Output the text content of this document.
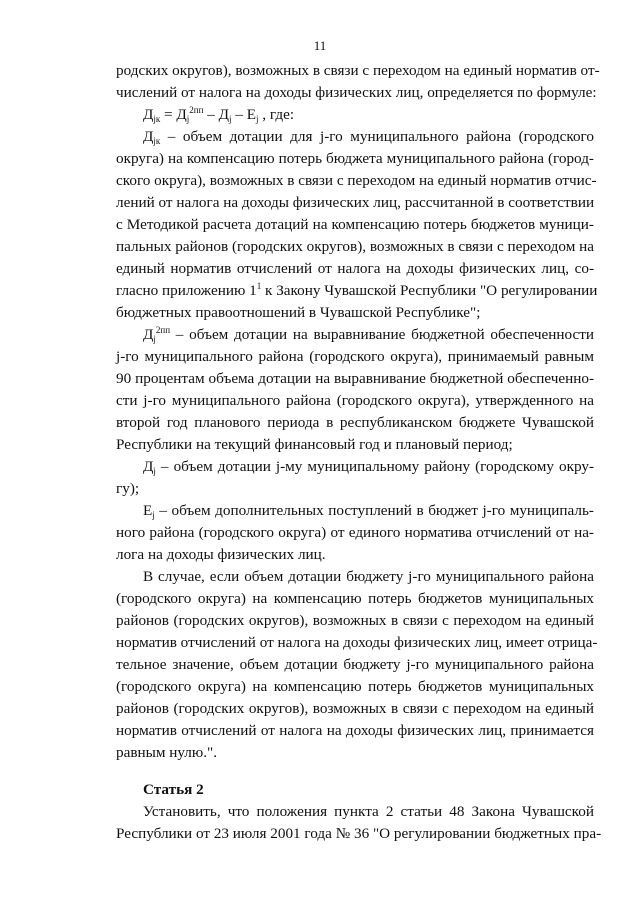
11
родских округов), возможных в связи с переходом на единый норматив от-
числений от налога на доходы физических лиц, определяется по формуле:
$Д_{jк} = Д_j^{2пп} - Д_j - Е_j$ , где:
$Д_{jк}$ – объем дотации для j-го муниципального района (городского
округа) на компенсацию потерь бюджета муниципального района (город-
ского округа), возможных в связи с переходом на единый норматив отчис-
лений от налога на доходы физических лиц, рассчитанной в соответствии
с Методикой расчета дотаций на компенсацию потерь бюджетов муници-
пальных районов (городских округов), возможных в связи с переходом на
единый норматив отчислений от налога на доходы физических лиц, со-
гласно приложению $1^1$ к Закону Чувашской Республики "О регулировании
бюджетных правоотношений в Чувашской Республике";
$Д_j^{2пп}$ – объем дотации на выравнивание бюджетной обеспеченности
j-го муниципального района (городского округа), принимаемый равным
90 процентам объема дотации на выравнивание бюджетной обеспеченно-
сти j-го муниципального района (городского округа), утвержденного на
второй год планового периода в республиканском бюджете Чувашской
Республики на текущий финансовый год и плановый период;
$Д_j$ – объем дотации j-му муниципальному району (городскому окру-
гу);
$Е_j$ – объем дополнительных поступлений в бюджет j-го муниципаль-
ного района (городского округа) от единого норматива отчислений от на-
лога на доходы физических лиц.
В случае, если объем дотации бюджету j-го муниципального района
(городского округа) на компенсацию потерь бюджетов муниципальных
районов (городских округов), возможных в связи с переходом на единый
норматив отчислений от налога на доходы физических лиц, имеет отрица-
тельное значение, объем дотации бюджету j-го муниципального района
(городского округа) на компенсацию потерь бюджетов муниципальных
районов (городских округов), возможных в связи с переходом на единый
норматив отчислений от налога на доходы физических лиц, принимается
равным нулю.".
Статья 2
Установить, что положения пункта 2 статьи 48 Закона Чувашской
Республики от 23 июля 2001 года № 36 "О регулировании бюджетных пра-
